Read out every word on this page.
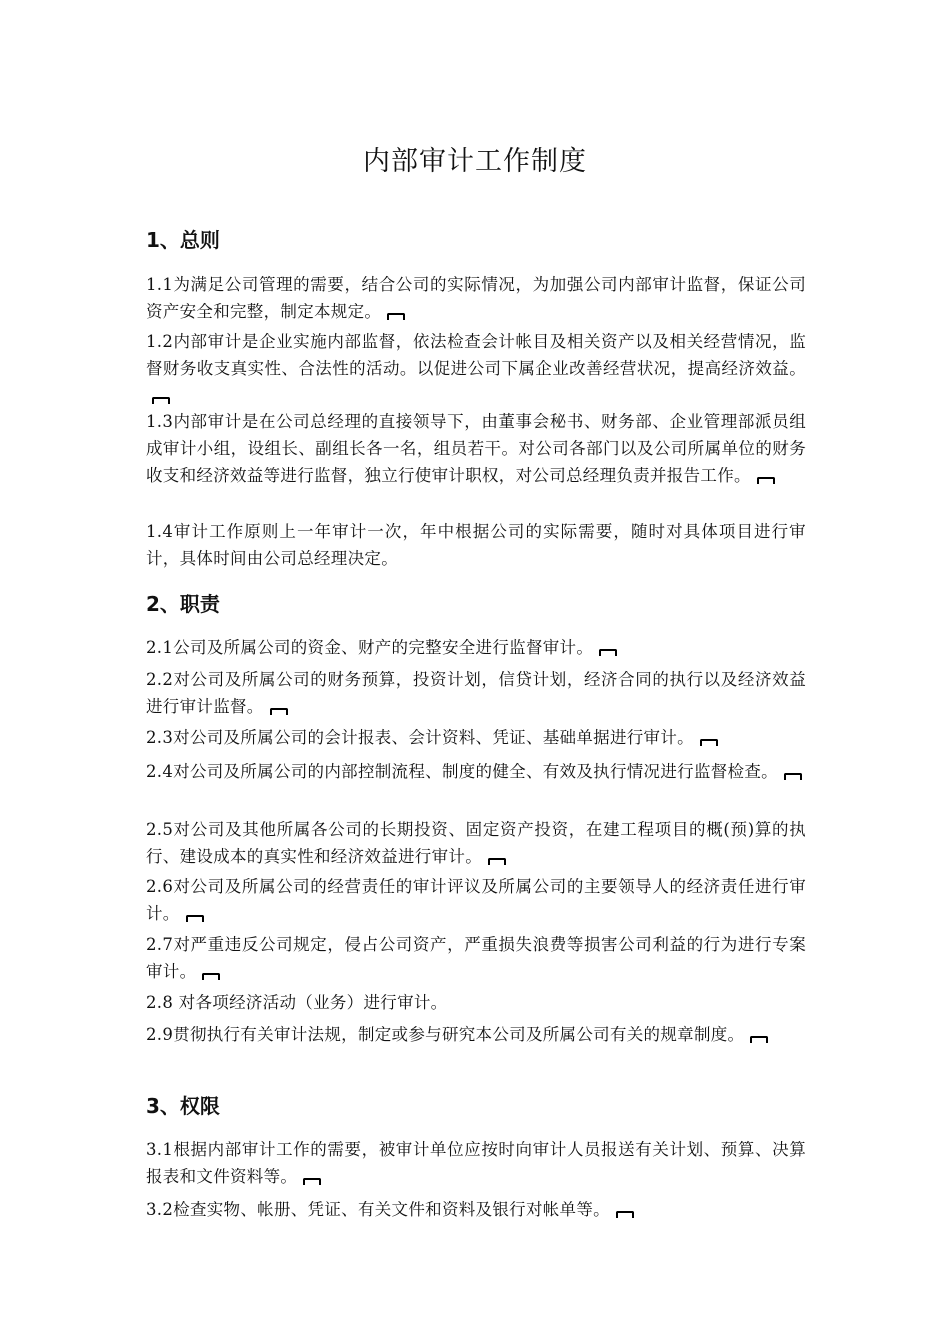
内部审计工作制度
1、总则
1.1为满足公司管理的需要，结合公司的实际情况，为加强公司内部审计监督，保证公司资产安全和完整，制定本规定。
1.2内部审计是企业实施内部监督，依法检查会计帐目及相关资产以及相关经营情况，监督财务收支真实性、合法性的活动。以促进公司下属企业改善经营状况，提高经济效益。
1.3内部审计是在公司总经理的直接领导下，由董事会秘书、财务部、企业管理部派员组成审计小组，设组长、副组长各一名，组员若干。对公司各部门以及公司所属单位的财务收支和经济效益等进行监督，独立行使审计职权，对公司总经理负责并报告工作。
1.4审计工作原则上一年审计一次，年中根据公司的实际需要，随时对具体项目进行审计，具体时间由公司总经理决定。
2、职责
2.1公司及所属公司的资金、财产的完整安全进行监督审计。
2.2对公司及所属公司的财务预算，投资计划，信贷计划，经济合同的执行以及经济效益进行审计监督。
2.3对公司及所属公司的会计报表、会计资料、凭证、基础单据进行审计。
2.4对公司及所属公司的内部控制流程、制度的健全、有效及执行情况进行监督检查。
2.5对公司及其他所属各公司的长期投资、固定资产投资，在建工程项目的概(预)算的执行、建设成本的真实性和经济效益进行审计。
2.6对公司及所属公司的经营责任的审计评议及所属公司的主要领导人的经济责任进行审计。
2.7对严重违反公司规定，侵占公司资产，严重损失浪费等损害公司利益的行为进行专案审计。
2.8 对各项经济活动（业务）进行审计。
2.9贯彻执行有关审计法规，制定或参与研究本公司及所属公司有关的规章制度。
3、权限
3.1根据内部审计工作的需要，被审计单位应按时向审计人员报送有关计划、预算、决算报表和文件资料等。
3.2检查实物、帐册、凭证、有关文件和资料及银行对帐单等。
